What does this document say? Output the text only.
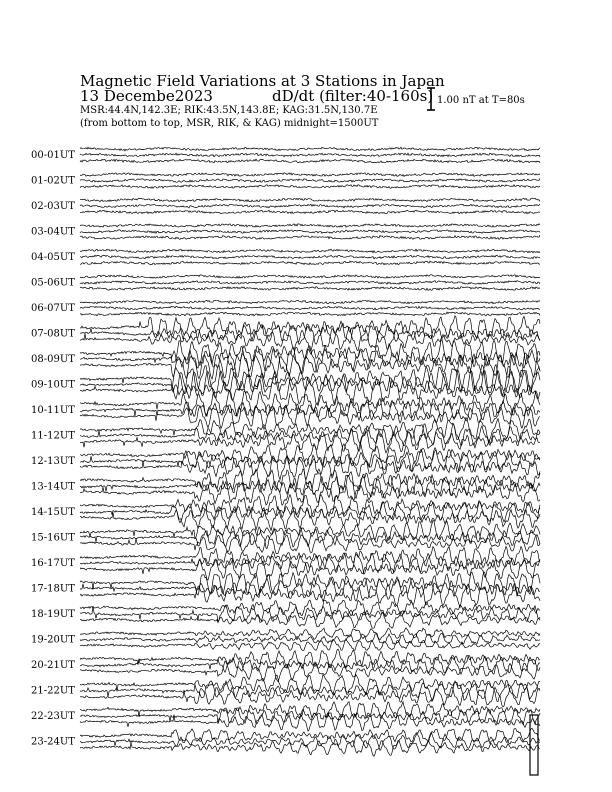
Magnetic Field Variations at 3 Stations in Japan
13 Decembe2023	dD/dt (filter:40-160s)
MSR:44.4N,142.3E; RIK:43.5N,143.8E; KAG:31.5N,130.7E
(from bottom to top, MSR, RIK, & KAG) midnight=1500UT
1.00 nT at T=80s
00-01UT
01-02UT
02-03UT
03-04UT
04-05UT
05-06UT
06-07UT
07-08UT
08-09UT
09-10UT
10-11UT
11-12UT
12-13UT
13-14UT
14-15UT
15-16UT
16-17UT
17-18UT
18-19UT
19-20UT
20-21UT
21-22UT
22-23UT
23-24UT
